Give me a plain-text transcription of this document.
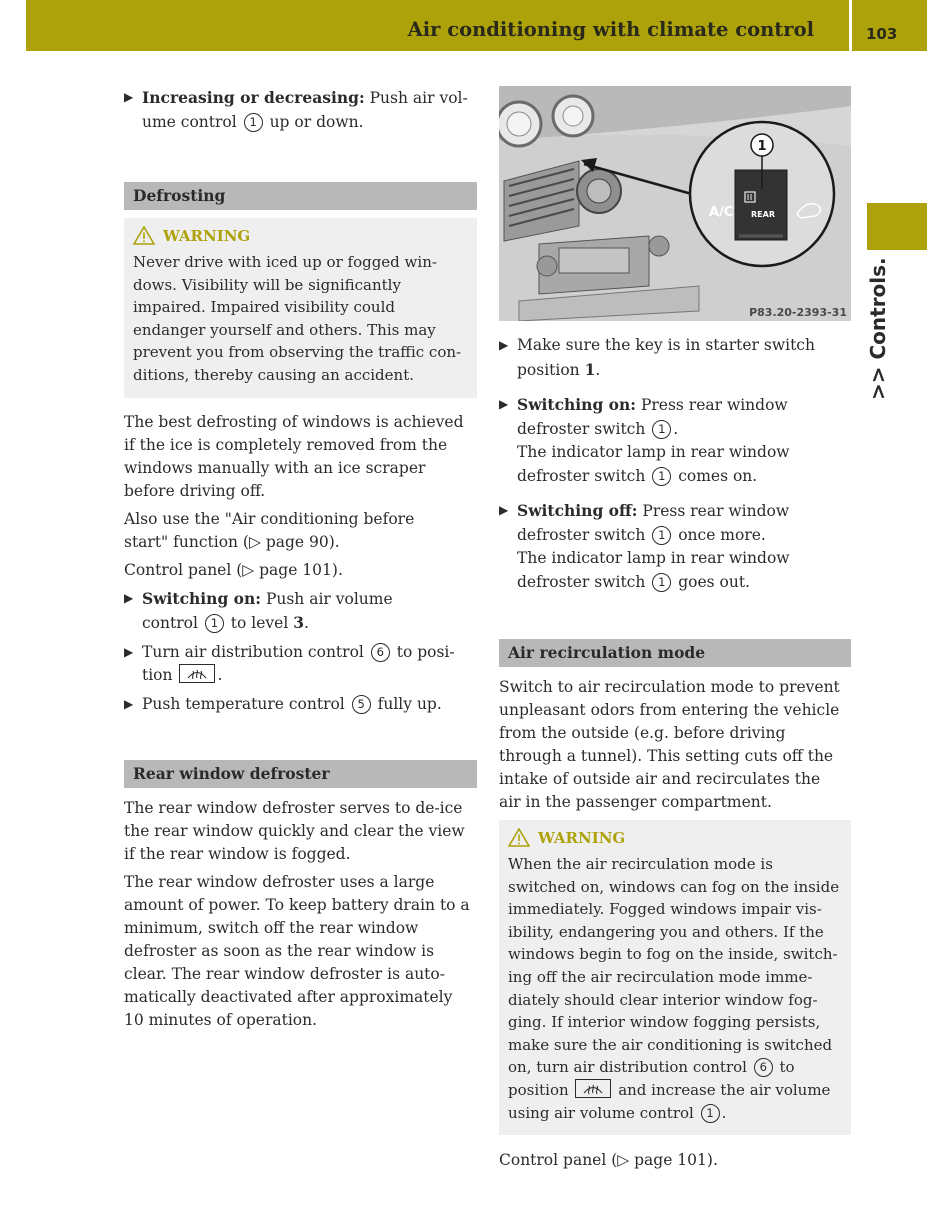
Air conditioning with climate control	103
>> Controls.
▶ Increasing or decreasing: Push air vol-
ume control 1 up or down.
Defrosting
WARNING

Never drive with iced up or fogged win-
dows. Visibility will be significantly
impaired. Impaired visibility could
endanger yourself and others. This may
prevent you from observing the traffic con-
ditions, thereby causing an accident.

The best defrosting of windows is achieved
if the ice is completely removed from the
windows manually with an ice scraper
before driving off.

Also use the "Air conditioning before
start" function (▷ page 90).

Control panel (▷ page 101).

▶ Switching on: Push air volume
control 1 to level 3.
▶ Turn air distribution control 6 to posi-
tion	.
▶ Push temperature control 5 fully up.
Rear window defroster

The rear window defroster serves to de-ice
the rear window quickly and clear the view
if the rear window is fogged.

The rear window defroster uses a large
amount of power. To keep battery drain to a
minimum, switch off the rear window
defroster as soon as the rear window is
clear. The rear window defroster is auto-
matically deactivated after approximately
10 minutes of operation.

A/C REAR
1
P83.20-2393-31
▶ Make sure the key is in starter switch
position 1.
▶ Switching on: Press rear window
defroster switch 1 .
The indicator lamp in rear window
defroster switch 1 comes on.
▶ Switching off: Press rear window
defroster switch 1 once more.
The indicator lamp in rear window
defroster switch 1 goes out.
Air recirculation mode

Switch to air recirculation mode to prevent
unpleasant odors from entering the vehicle
from the outside (e.g. before driving
through a tunnel). This setting cuts off the
intake of outside air and recirculates the
air in the passenger compartment.

WARNING

When the air recirculation mode is
switched on, windows can fog on the inside
immediately. Fogged windows impair vis-
ibility, endangering you and others. If the
windows begin to fog on the inside, switch-
ing off the air recirculation mode imme-
diately should clear interior window fog-
ging. If interior window fogging persists,
make sure the air conditioning is switched
on, turn air distribution control 6 to
position	and increase the air volume
using air volume control 1 .

Control panel (▷ page 101).
